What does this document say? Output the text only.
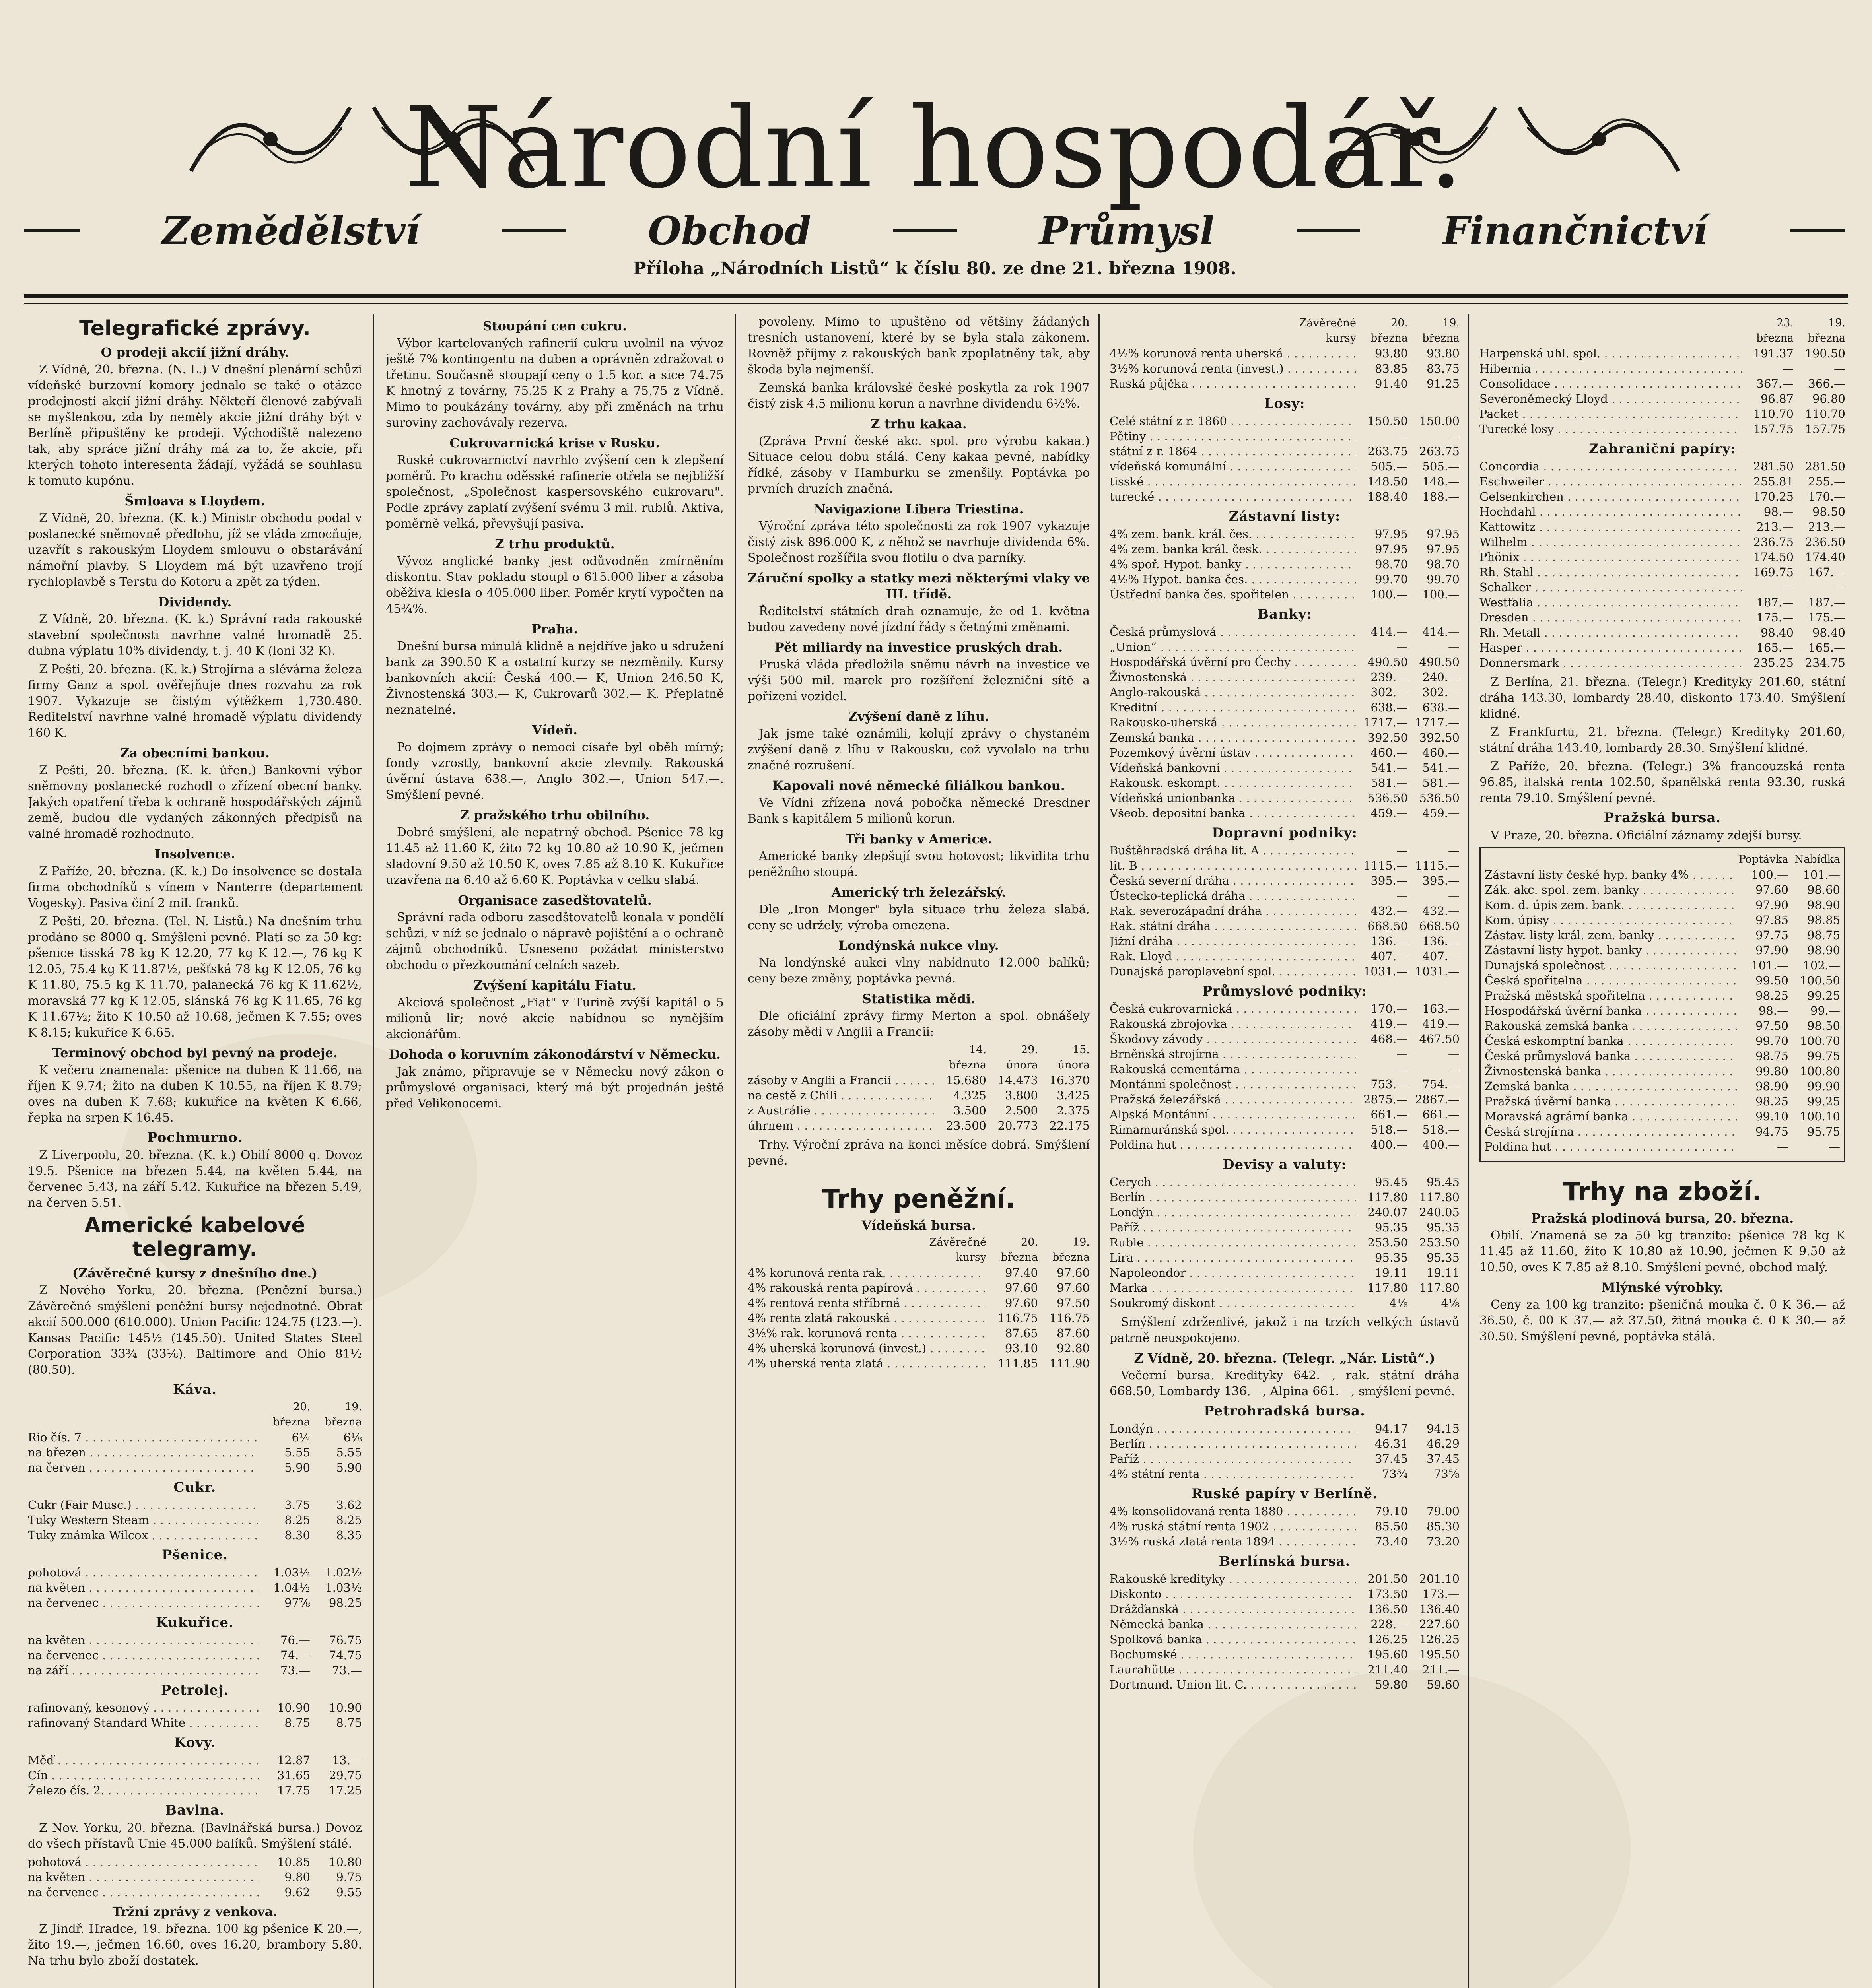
Národní hospodář.
Zemědělství	Obchod	Průmysl	Finančnictví
Příloha „Národních Listů“ k číslu 80. ze dne 21. března 1908.
Telegrafické zprávy.
O prodeji akcií jižní dráhy.

Z Vídně, 20. března. (N. L.) V dnešní plenární schůzi vídeňské burzovní komory jednalo se také o otázce prodejnosti akcií jižní dráhy. Někteří členové zabývali se myšlenkou, zda by neměly akcie jižní dráhy být v Berlíně připuštěny ke prodeji. Východiště nalezeno tak, aby spráce jižní dráhy má za to, že akcie, při kterých tohoto interesenta žádají, vyžádá se souhlasu k tomuto kupónu.

Šmloava s Lloydem.

Z Vídně, 20. března. (K. k.) Ministr obchodu podal v poslanecké sněmovně předlohu, jíž se vláda zmocňuje, uzavřít s rakouským Lloydem smlouvu o obstarávání námořní plavby. S Lloydem má být uzavřeno trojí rychloplavbě s Terstu do Kotoru a zpět za týden.

Dividendy.

Z Vídně, 20. března. (K. k.) Správní rada rakouské stavební společnosti navrhne valné hromadě 25. dubna výplatu 10% dividendy, t. j. 40 K (loni 32 K).

Z Pešti, 20. března. (K. k.) Strojírna a slévárna železa firmy Ganz a spol. ověřejňuje dnes rozvahu za rok 1907. Vykazuje se čistým výtěžkem 1,730.480. Ředitelství navrhne valné hromadě výplatu dividendy 160 K.

Za obecními bankou.

Z Pešti, 20. března. (K. k. úřen.) Bankovní výbor sněmovny poslanecké rozhodl o zřízení obecní banky. Jakých opatření třeba k ochraně hospodářských zájmů země, budou dle vydaných zákonných předpisů na valné hromadě rozhodnuto.

Insolvence.

Z Paříže, 20. března. (K. k.) Do insolvence se dostala firma obchodníků s vínem v Nanterre (departement Vogesky). Pasiva činí 2 mil. franků.

Z Pešti, 20. března. (Tel. N. Listů.) Na dnešním trhu prodáno se 8000 q. Smýšlení pevné. Platí se za 50 kg: pšenice tisská 78 kg K 12.20, 77 kg K 12.—, 76 kg K 12.05, 75.4 kg K 11.87½, pešťská 78 kg K 12.05, 76 kg K 11.80, 75.5 kg K 11.70, palanecká 76 kg K 11.62½, moravská 77 kg K 12.05, slánská 76 kg K 11.65, 76 kg K 11.67½; žito K 10.50 až 10.68, ječmen K 7.55; oves K 8.15; kukuřice K 6.65.

Terminový obchod byl pevný na prodeje.

K večeru znamenala: pšenice na duben K 11.66, na říjen K 9.74; žito na duben K 10.55, na říjen K 8.79; oves na duben K 7.68; kukuřice na květen K 6.66, řepka na srpen K 16.45.

Pochmurno.

Z Liverpoolu, 20. března. (K. k.) Obilí 8000 q. Dovoz 19.5. Pšenice na březen 5.44, na květen 5.44, na červenec 5.43, na září 5.42. Kukuřice na březen 5.49, na červen 5.51.

Americké kabelové telegramy.
(Závěrečné kursy z dnešního dne.)

Z Nového Yorku, 20. března. (Penězní bursa.) Závěrečné smýšlení peněžní bursy nejednotné. Obrat akcií 500.000 (610.000). Union Pacific 124.75 (123.—). Kansas Pacific 145½ (145.50). United States Steel Corporation 33¾ (33⅛). Baltimore and Ohio 81½ (80.50).

Káva.
20. března
19. března
Rio čís. 7 . . .	6½	6⅛
na březen . . .	5.55	5.55
na červen . . .	5.90	5.90
Cukr.
Cukr (Fair Musc.) . . .	3.75	3.62
Tuky Western Steam . . .	8.25	8.25
Tuky známka Wilcox . . .	8.30	8.35
Pšenice.
pohotová . . .	1.03½	1.02½
na květen . . .	1.04½	1.03½
na červenec . . .	97⅞	98.25
Kukuřice.
na květen . . .	76.—	76.75
na červenec . . .	74.—	74.75
na září . . .	73.—	73.—
Petrolej.
rafinovaný, kesonový . . .	10.90	10.90
rafinovaný Standard White . . .	8.75	8.75
Kovy.
Měď . . .	12.87	13.—
Cín . . .	31.65	29.75
Železo čís. 2. . . .	17.75	17.25
Bavlna.

Z Nov. Yorku, 20. března. (Bavlnářská bursa.) Dovoz do všech přístavů Unie 45.000 balíků. Smýšlení stálé.

pohotová . . .	10.85	10.80
na květen . . .	9.80	9.75
na červenec . . .	9.62	9.55
Tržní zprávy z venkova.

Z Jindř. Hradce, 19. března. 100 kg pšenice K 20.—, žito 19.—, ječmen 16.60, oves 16.20, brambory 5.80. Na trhu bylo zboží dostatek.

Stoupání cen cukru.

Výbor kartelovaných rafinerií cukru uvolnil na vývoz ještě 7% kontingentu na duben a oprávněn zdražovat o třetinu. Současně stoupají ceny o 1.5 kor. a sice 74.75 K hnotný z továrny, 75.25 K z Prahy a 75.75 z Vídně. Mimo to poukázány továrny, aby při změnách na trhu suroviny zachovávaly rezerva.

Cukrovarnická krise v Rusku.

Ruské cukrovarnictví navrhlo zvýšení cen k zlepšení poměrů. Po krachu oděsské rafinerie otřela se nejbližší společnost, „Společnost kaspersovského cukrovaru". Podle zprávy zaplatí zvýšení svému 3 mil. rublů. Aktiva, poměrně velká, převyšují pasiva.

Z trhu produktů.

Vývoz anglické banky jest odůvodněn zmírněním diskontu. Stav pokladu stoupl o 615.000 liber a zásoba oběživa klesla o 405.000 liber. Poměr krytí vypočten na 45¾%.

Praha.

Dnešní bursa minulá klidně a nejdříve jako u sdružení bank za 390.50 K a ostatní kurzy se nezměnily. Kursy bankovních akcií: Česká 400.— K, Union 246.50 K, Živnostenská 303.— K, Cukrovarů 302.— K. Přeplatně neznatelné.

Vídeň.

Po dojmem zprávy o nemoci císaře byl oběh mírný; fondy vzrostly, bankovní akcie zlevnily. Rakouská úvěrní ústava 638.—, Anglo 302.—, Union 547.—. Smýšlení pevné.

Z pražského trhu obilního.

Dobré smýšlení, ale nepatrný obchod. Pšenice 78 kg 11.45 až 11.60 K, žito 72 kg 10.80 až 10.90 K, ječmen sladovní 9.50 až 10.50 K, oves 7.85 až 8.10 K. Kukuřice uzavřena na 6.40 až 6.60 K. Poptávka v celku slabá.

Organisace zasedštovatelů.

Správní rada odboru zasedštovatelů konala v pondělí schůzi, v níž se jednalo o nápravě pojištění a o ochraně zájmů obchodníků. Usneseno požádat ministerstvo obchodu o přezkoumání celních sazeb.

Zvýšení kapitálu Fiatu.

Akciová společnost „Fiat" v Turině zvýší kapitál o 5 milionů lir; nové akcie nabídnou se nynějším akcionářům.

Dohoda o koruvním zákonodárství v Německu.

Jak známo, připravuje se v Německu nový zákon o průmyslové organisaci, který má být projednán ještě před Velikonocemi.

povoleny. Mimo to upuštěno od většiny žádaných tresních ustanovení, které by se byla stala zákonem. Rovněž příjmy z rakouských bank zpoplatněny tak, aby škoda byla nejmenší.

Zemská banka královské české poskytla za rok 1907 čistý zisk 4.5 milionu korun a navrhne dividendu 6½%.

Z trhu kakaa.

(Zpráva První české akc. spol. pro výrobu kakaa.) Situace celou dobu stálá. Ceny kakaa pevné, nabídky řídké, zásoby v Hamburku se zmenšily. Poptávka po prvních druzích značná.

Navigazione Libera Triestina.

Výroční zpráva této společnosti za rok 1907 vykazuje čistý zisk 896.000 K, z něhož se navrhuje dividenda 6%. Společnost rozšířila svou flotilu o dva parníky.

Záruční spolky a statky mezi některými vlaky ve III. třídě.

Ředitelství státních drah oznamuje, že od 1. května budou zavedeny nové jízdní řády s četnými změnami.

Pět miliardy na investice pruských drah.

Pruská vláda předložila sněmu návrh na investice ve výši 500 mil. marek pro rozšíření železniční sítě a pořízení vozidel.

Zvýšení daně z líhu.

Jak jsme také oznámili, kolují zprávy o chystaném zvýšení daně z líhu v Rakousku, což vyvolalo na trhu značné rozrušení.

Kapovali nové německé filiálkou bankou.

Ve Vídni zřízena nová pobočka německé Dresdner Bank s kapitálem 5 milionů korun.

Tři banky v Americe.

Americké banky zlepšují svou hotovost; likvidita trhu peněžního stoupá.

Americký trh železářský.

Dle „Iron Monger" byla situace trhu železa slabá, ceny se udržely, výroba omezena.

Londýnská nukce vlny.

Na londýnské aukci vlny nabídnuto 12.000 balíků; ceny beze změny, poptávka pevná.

Statistika mědi.

Dle oficiální zprávy firmy Merton a spol. obnášely zásoby mědi v Anglii a Francii:

14. března
29. února
15. února
zásoby v Anglii a Francii . . .	15.680 14.473 16.370
na cestě z Chili . . .	4.325	3.800	3.425
z Austrálie . . .	3.500	2.500	2.375
úhrnem . . .	23.500 20.773 22.175

Trhy. Výroční zpráva na konci měsíce dobrá. Smýšlení pevné.

Trhy peněžní.
Vídeňská bursa.
Závěrečné kursy
20. března
19. března
4% korunová renta rak. . . .	97.40	97.60
4% rakouská renta papírová . . .	97.60	97.60
4% rentová renta stříbrná . . .	97.60	97.50
4% renta zlatá rakouská . . .	116.75 116.75
3½% rak. korunová renta . . .	87.65	87.60
4% uherská korunová (invest.) . . .	93.10	92.80
4% uherská renta zlatá . . .	111.85 111.90
Závěrečné kursy
20. března
19. března
4½% korunová renta uherská . . .	93.80	93.80
3½% korunová renta (invest.) . . .	83.85	83.75
Ruská půjčka . . .	91.40	91.25
Losy:
Celé státní z r. 1860 . . .	150.50 150.00
Pětiny . . .	—	—
státní z r. 1864 . . .	263.75 263.75
vídeňská komunální . . .	505.—	505.—
tisské . . .	148.50	148.—
turecké . . .	188.40	188.—
Zástavní listy:
4% zem. bank. král. čes. . . .	97.95	97.95
4% zem. banka král. česk. . . .	97.95	97.95
4% spoř. Hypot. banky . . .	98.70	98.70
4½% Hypot. banka čes. . . .	99.70	99.70
Ústřední banka čes. spořitelen . . .	100.—	100.—
Banky:
Česká průmyslová . . .	414.—	414.—
„Union“ . . .	—	—
Hospodářská úvěrní pro Čechy . . .	490.50 490.50
Živnostenská . . .	239.—	240.—
Anglo-rakouská . . .	302.—	302.—
Kreditní . . .	638.—	638.—
Rakousko-uherská . . .	1717.— 1717.—
Zemská banka . . .	392.50 392.50
Pozemkový úvěrní ústav . . .	460.—	460.—
Vídeňská bankovní . . .	541.—	541.—
Rakousk. eskompt. . . .	581.—	581.—
Vídeňská unionbanka . . .	536.50 536.50
Všeob. depositní banka . . .	459.—	459.—
Dopravní podniky:
Buštěhradská dráha lit. A . . .	—	—
lit. B . . .	1115.— 1115.—
Česká severní dráha . . .	395.—	395.—
Ústecko-teplická dráha . . .	—	—
Rak. severozápadní dráha . . .	432.—	432.—
Rak. státní dráha . . .	668.50 668.50
Jižní dráha . . .	136.—	136.—
Rak. Lloyd . . .	407.—	407.—
Dunajská paroplavební spol. . . .	1031.— 1031.—
Průmyslové podniky:
Česká cukrovarnická . . .	170.—	163.—
Rakouská zbrojovka . . .	419.—	419.—
Škodovy závody . . .	468.— 467.50
Brněnská strojírna . . .	—	—
Rakouská cementárna . . .	—	—
Montánní společnost . . .	753.—	754.—
Pražská železářská . . .	2875.— 2867.—
Alpská Montánní . . .	661.—	661.—
Rimamuránská spol. . . .	518.—	518.—
Poldina hut . . .	400.—	400.—
Devisy a valuty:
Cerych . . .	95.45	95.45
Berlín . . .	117.80 117.80
Londýn . . .	240.07 240.05
Paříž . . .	95.35	95.35
Ruble . . .	253.50 253.50
Lira . . .	95.35	95.35
Napoleondor . . .	19.11	19.11
Marka . . .	117.80 117.80
Soukromý diskont . . .	4⅛	4⅛

Smýšlení zdrženlivé, jakož i na trzích velkých ústavů patrně neuspokojeno.

Z Vídně, 20. března. (Telegr. „Nár. Listů“.)

Večerní bursa. Kredityky 642.—, rak. státní dráha 668.50, Lombardy 136.—, Alpina 661.—, smýšlení pevné.

Petrohradská bursa.
Londýn . . .	94.17	94.15
Berlín . . .	46.31	46.29
Paříž . . .	37.45	37.45
4% státní renta . . .	73¾	73⅝
Ruské papíry v Berlíně.
4% konsolidovaná renta 1880 . . .	79.10	79.00
4% ruská státní renta 1902 . . .	85.50	85.30
3½% ruská zlatá renta 1894 . . .	73.40	73.20
Berlínská bursa.
Rakouské kredityky . . .	201.50 201.10
Diskonto . . .	173.50	173.—
Drážďanská . . .	136.50 136.40
Německá banka . . .	228.— 227.60
Spolková banka . . .	126.25 126.25
Bochumské . . .	195.60 195.50
Laurahütte . . .	211.40	211.—
Dortmund. Union lit. C. . . .	59.80	59.60
23. března
19. března
Harpenská uhl. spol. . . .	191.37 190.50
Hibernia . . .	—	—
Consolidace . . .	367.—	366.—
Severoněmecký Lloyd . . .	96.87	96.80
Packet . . .	110.70 110.70
Turecké losy . . .	157.75 157.75
Zahraniční papíry:
Concordia . . .	281.50 281.50
Eschweiler . . .	255.81	255.—
Gelsenkirchen . . .	170.25	170.—
Hochdahl . . .	98.—	98.50
Kattowitz . . .	213.—	213.—
Wilhelm . . .	236.75 236.50
Phönix . . .	174.50 174.40
Rh. Stahl . . .	169.75	167.—
Schalker . . .	—	—
Westfalia . . .	187.—	187.—
Dresden . . .	175.—	175.—
Rh. Metall . . .	98.40	98.40
Hasper . . .	165.—	165.—
Donnersmark . . .	235.25 234.75

Z Berlína, 21. března. (Telegr.) Kredityky 201.60, státní dráha 143.30, lombardy 28.40, diskonto 173.40. Smýšlení klidné.

Z Frankfurtu, 21. března. (Telegr.) Kredityky 201.60, státní dráha 143.40, lombardy 28.30. Smýšlení klidné.

Z Paříže, 20. března. (Telegr.) 3% francouzská renta 96.85, italská renta 102.50, španělská renta 93.30, ruská renta 79.10. Smýšlení pevné.

Pražská bursa.

V Praze, 20. března. Oficiální záznamy zdejší bursy.

Poptávka Nabídka
Zástavní listy české hyp. banky 4% . . .	100.—	101.—
Zák. akc. spol. zem. banky . . .	97.60	98.60
Kom. d. úpis zem. bank. . . .	97.90	98.90
Kom. úpisy . . .	97.85	98.85
Zástav. listy král. zem. banky . . .	97.75	98.75
Zástavní listy hypot. banky . . .	97.90	98.90
Dunajská společnost . . .	101.—	102.—
Česká spořitelna . . .	99.50 100.50
Pražská městská spořitelna . . .	98.25	99.25
Hospodářská úvěrní banka . . .	98.—	99.—
Rakouská zemská banka . . .	97.50	98.50
Česká eskomptní banka . . .	99.70 100.70
Česká průmyslová banka . . .	98.75	99.75
Živnostenská banka . . .	99.80 100.80
Zemská banka . . .	98.90	99.90
Pražská úvěrní banka . . .	98.25	99.25
Moravská agrární banka . . .	99.10 100.10
Česká strojírna . . .	94.75	95.75
Poldina hut . . .	—	—
Trhy na zboží.
Pražská plodinová bursa, 20. března.

Obilí. Znamená se za 50 kg tranzito: pšenice 78 kg K 11.45 až 11.60, žito K 10.80 až 10.90, ječmen K 9.50 až 10.50, oves K 7.85 až 8.10. Smýšlení pevné, obchod malý.

Mlýnské výrobky.

Ceny za 100 kg tranzito: pšeničná mouka č. 0 K 36.— až 36.50, č. 00 K 37.— až 37.50, žitná mouka č. 0 K 30.— až 30.50. Smýšlení pevné, poptávka stálá.
